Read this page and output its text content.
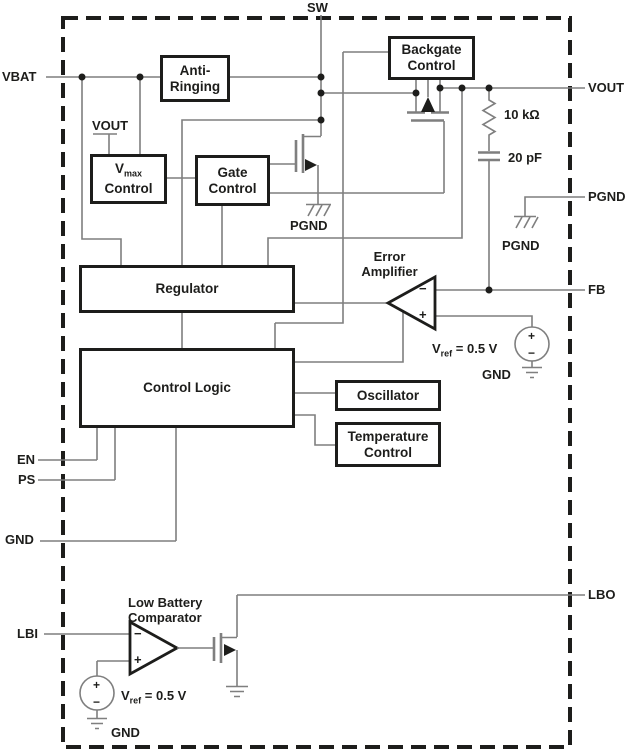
Anti-
Ringing
Backgate
Control
$V_{max}$
Control
Gate
Control
Regulator
Control Logic	Oscillator
Temperature
Control
VBAT
SW
VOUT
PGND
FB
LBO
EN
PS
GND
LBI
VOUT
PGND
PGND
10 kΩ
20 pF
Error
Amplifier
Low Battery
Comparator
$V_{ref} = 0.5$ V
GND
$V_{ref} = 0.5$ V
GND
−
+
+
−
−
+
+
−
